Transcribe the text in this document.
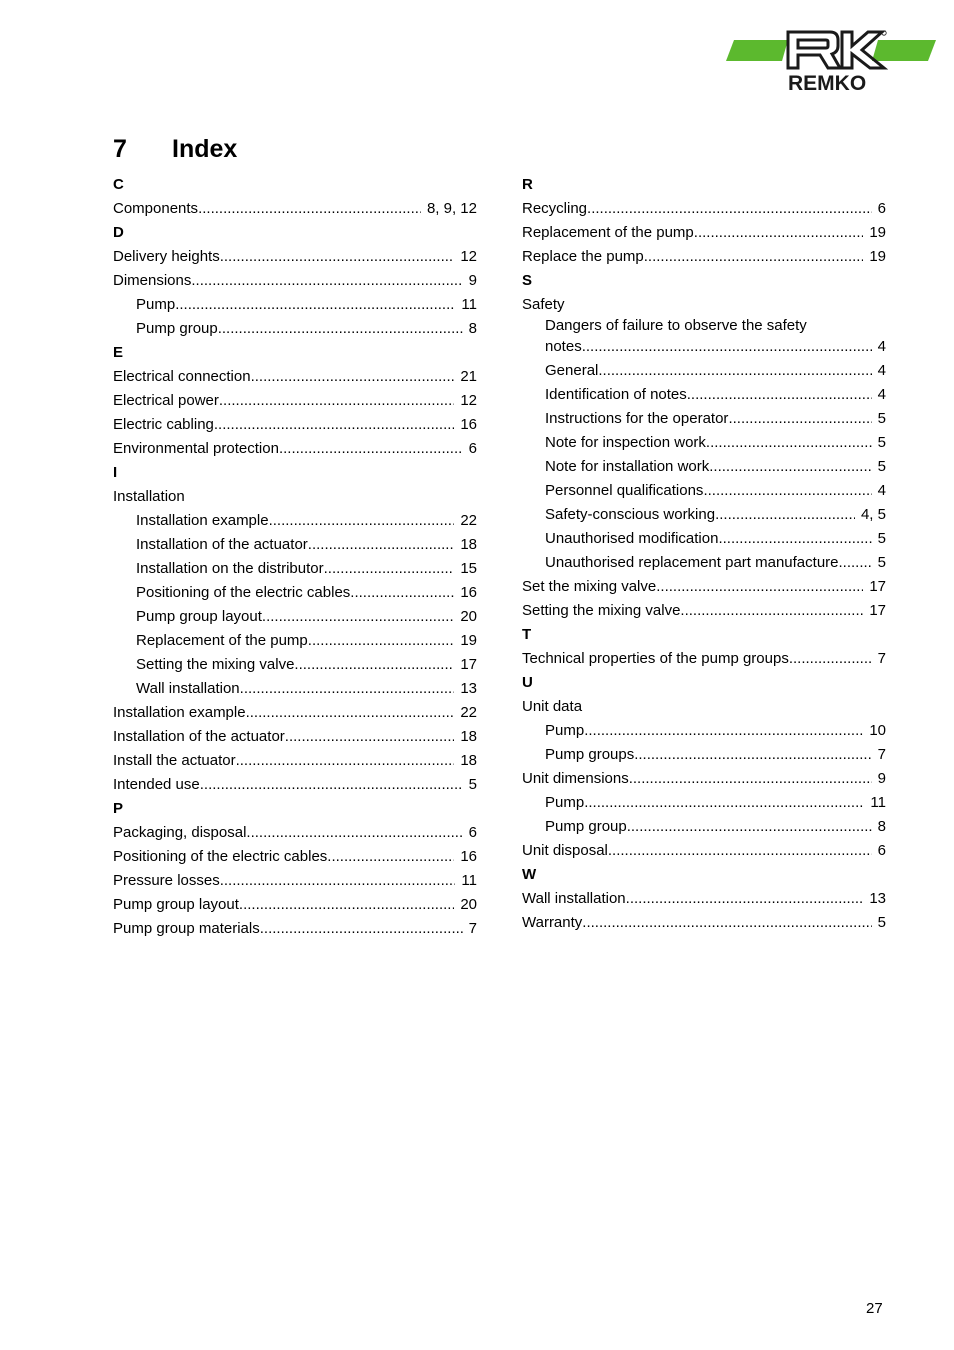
REMKO
7 Index
C
Components .....	8, 9, 12
D
Delivery heights .....	12
Dimensions .....	9
Pump .....	11
Pump group .....	8
E
Electrical connection .....	21
Electrical power .....	12
Electric cabling .....	16
Environmental protection .....	6
I
Installation
Installation example .....	22
Installation of the actuator .....	18
Installation on the distributor .....	15
Positioning of the electric cables .....	16
Pump group layout .....	20
Replacement of the pump .....	19
Setting the mixing valve .....	17
Wall installation .....	13
Installation example .....	22
Installation of the actuator .....	18
Install the actuator .....	18
Intended use .....	5
P
Packaging, disposal .....	6
Positioning of the electric cables .....	16
Pressure losses .....	11
Pump group layout .....	20
Pump group materials .....	7
R
Recycling .....	6
Replacement of the pump .....	19
Replace the pump .....	19
S
Safety
Dangers of failure to observe the safety
notes .....	4
General .....	4
Identification of notes .....	4
Instructions for the operator .....	5
Note for inspection work .....	5
Note for installation work .....	5
Personnel qualifications .....	4
Safety-conscious working .....	4, 5
Unauthorised modification .....	5
Unauthorised replacement part manufacture .....	5
Set the mixing valve .....	17
Setting the mixing valve .....	17
T
Technical properties of the pump groups .....	7
U
Unit data
Pump .....	10
Pump groups .....	7
Unit dimensions .....	9
Pump .....	11
Pump group .....	8
Unit disposal .....	6
W
Wall installation .....	13
Warranty .....	5
27
